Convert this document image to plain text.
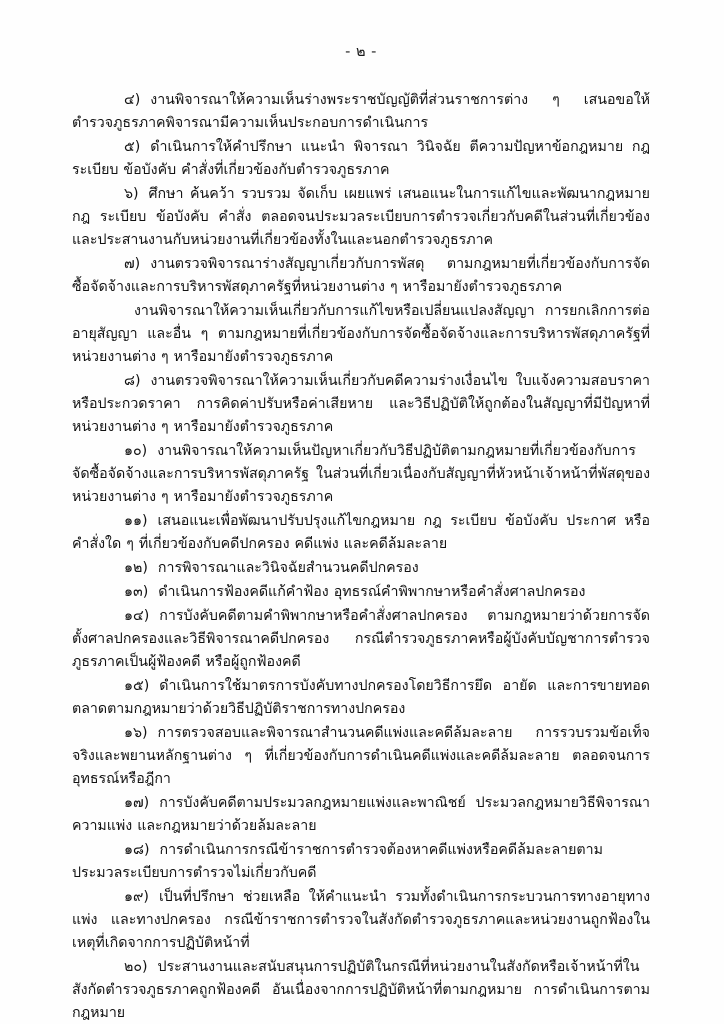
- ๒ -

๔) งานพิจารณาให้ความเห็นร่างพระราชบัญญัติที่ส่วนราชการต่าง ๆ เสนอขอให้ตำรวจภูธรภาคพิจารณามีความเห็นประกอบการดำเนินการ

๕) ดำเนินการให้คำปรึกษา แนะนำ พิจารณา วินิจฉัย ตีความปัญหาข้อกฎหมาย กฎ ระเบียบ ข้อบังคับ คำสั่งที่เกี่ยวข้องกับตำรวจภูธรภาค

๖) ศึกษา ค้นคว้า รวบรวม จัดเก็บ เผยแพร่ เสนอแนะในการแก้ไขและพัฒนากฎหมาย กฎ ระเบียบ ข้อบังคับ คำสั่ง ตลอดจนประมวลระเบียบการตำรวจเกี่ยวกับคดีในส่วนที่เกี่ยวข้องและประสานงานกับหน่วยงานที่เกี่ยวข้องทั้งในและนอกตำรวจภูธรภาค

๗) งานตรวจพิจารณาร่างสัญญาเกี่ยวกับการพัสดุ ตามกฎหมายที่เกี่ยวข้องกับการจัดซื้อจัดจ้างและการบริหารพัสดุภาครัฐที่หน่วยงานต่าง ๆ หารือมายังตำรวจภูธรภาค

งานพิจารณาให้ความเห็นเกี่ยวกับการแก้ไขหรือเปลี่ยนแปลงสัญญา การยกเลิกการต่ออายุสัญญา และอื่น ๆ ตามกฎหมายที่เกี่ยวข้องกับการจัดซื้อจัดจ้างและการบริหารพัสดุภาครัฐที่หน่วยงานต่าง ๆ หารือมายังตำรวจภูธรภาค

๘) งานตรวจพิจารณาให้ความเห็นเกี่ยวกับคดีความร่างเงื่อนไข ใบแจ้งความสอบราคาหรือประกวดราคา การคิดค่าปรับหรือค่าเสียหาย และวิธีปฏิบัติให้ถูกต้องในสัญญาที่มีปัญหาที่หน่วยงานต่าง ๆ หารือมายังตำรวจภูธรภาค

๑๐) งานพิจารณาให้ความเห็นปัญหาเกี่ยวกับวิธีปฏิบัติตามกฎหมายที่เกี่ยวข้องกับการจัดซื้อจัดจ้างและการบริหารพัสดุภาครัฐ ในส่วนที่เกี่ยวเนื่องกับสัญญาที่หัวหน้าเจ้าหน้าที่พัสดุของหน่วยงานต่าง ๆ หารือมายังตำรวจภูธรภาค

๑๑) เสนอแนะเพื่อพัฒนาปรับปรุงแก้ไขกฎหมาย กฎ ระเบียบ ข้อบังคับ ประกาศ หรือคำสั่งใด ๆ ที่เกี่ยวข้องกับคดีปกครอง คดีแพ่ง และคดีล้มละลาย

๑๒) การพิจารณาและวินิจฉัยสำนวนคดีปกครอง

๑๓) ดำเนินการฟ้องคดีแก้คำฟ้อง อุทธรณ์คำพิพากษาหรือคำสั่งศาลปกครอง

๑๔) การบังคับคดีตามคำพิพากษาหรือคำสั่งศาลปกครอง ตามกฎหมายว่าด้วยการจัดตั้งศาลปกครองและวิธีพิจารณาคดีปกครอง กรณีตำรวจภูธรภาคหรือผู้บังคับบัญชาการตำรวจภูธรภาคเป็นผู้ฟ้องคดี หรือผู้ถูกฟ้องคดี

๑๕) ดำเนินการใช้มาตรการบังคับทางปกครองโดยวิธีการยึด อายัด และการขายทอดตลาดตามกฎหมายว่าด้วยวิธีปฏิบัติราชการทางปกครอง

๑๖) การตรวจสอบและพิจารณาสำนวนคดีแพ่งและคดีล้มละลาย การรวบรวมข้อเท็จจริงและพยานหลักฐานต่าง ๆ ที่เกี่ยวข้องกับการดำเนินคดีแพ่งและคดีล้มละลาย ตลอดจนการอุทธรณ์หรือฎีกา

๑๗) การบังคับคดีตามประมวลกฎหมายแพ่งและพาณิชย์ ประมวลกฎหมายวิธีพิจารณาความแพ่ง และกฎหมายว่าด้วยล้มละลาย

๑๘) การดำเนินการกรณีข้าราชการตำรวจต้องหาคดีแพ่งหรือคดีล้มละลายตามประมวลระเบียบการตำรวจไม่เกี่ยวกับคดี

๑๙) เป็นที่ปรึกษา ช่วยเหลือ ให้คำแนะนำ รวมทั้งดำเนินการกระบวนการทางอายุทางแพ่ง และทางปกครอง กรณีข้าราชการตำรวจในสังกัดตำรวจภูธรภาคและหน่วยงานถูกฟ้องในเหตุที่เกิดจากการปฏิบัติหน้าที่

๒๐) ประสานงานและสนับสนุนการปฏิบัติในกรณีที่หน่วยงานในสังกัดหรือเจ้าหน้าที่ในสังกัดตำรวจภูธรภาคถูกฟ้องคดี อันเนื่องจากการปฏิบัติหน้าที่ตามกฎหมาย การดำเนินการตามกฎหมาย
